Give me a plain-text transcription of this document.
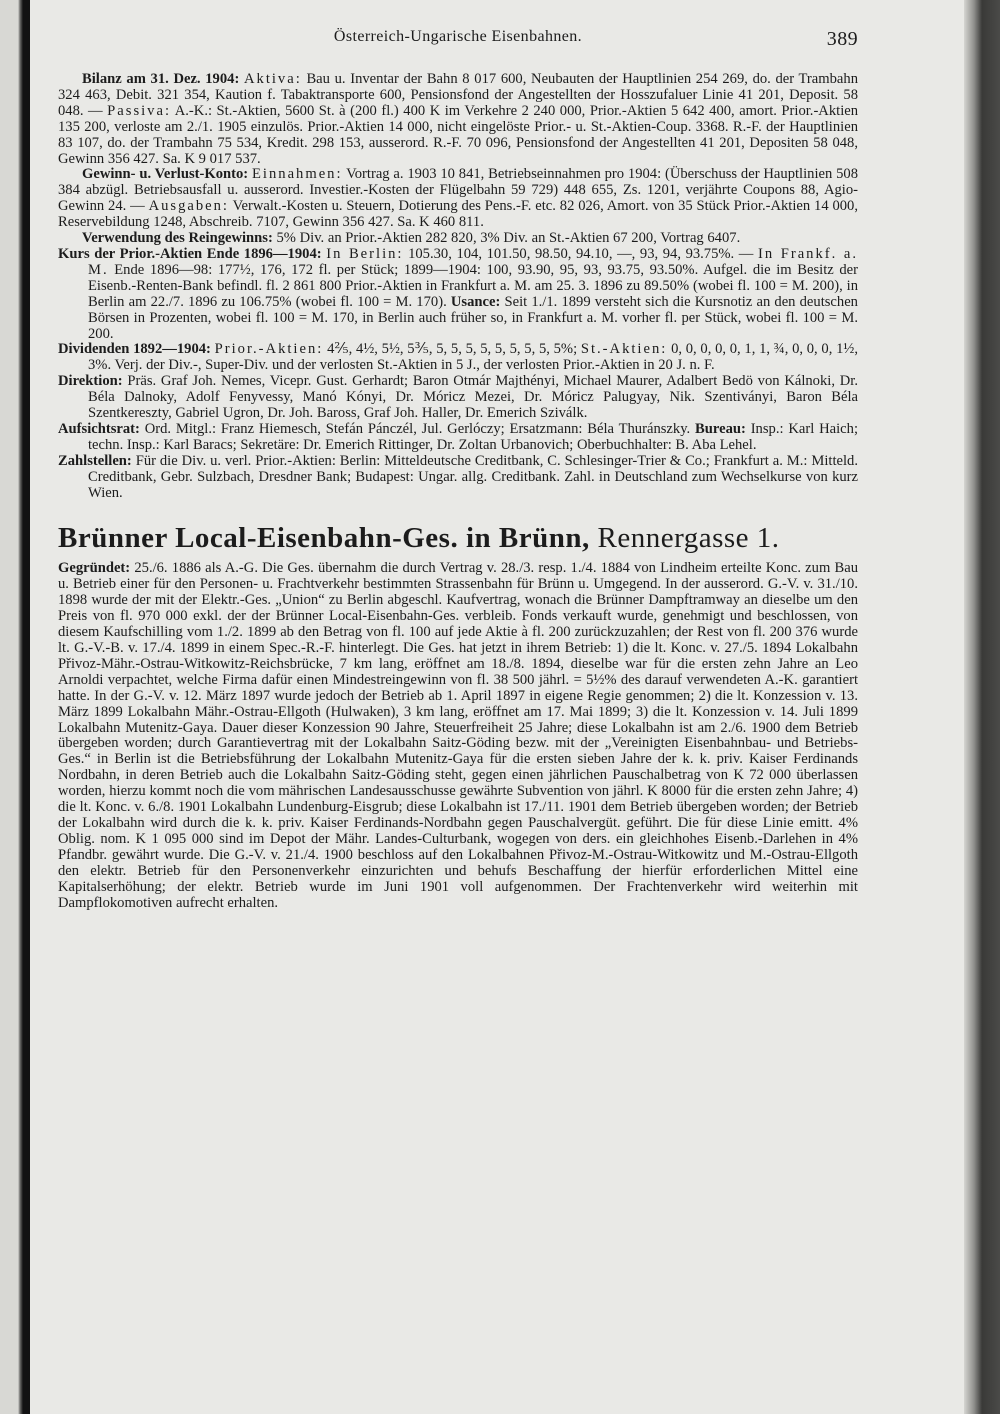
Österreich-Ungarische Eisenbahnen.	389

Bilanz am 31. Dez. 1904: Aktiva: Bau u. Inventar der Bahn 8 017 600, Neubauten der Hauptlinien 254 269, do. der Trambahn 324 463, Debit. 321 354, Kaution f. Tabaktransporte 600, Pensionsfond der Angestellten der Hosszufaluer Linie 41 201, Deposit. 58 048. — Passiva: A.-K.: St.-Aktien, 5600 St. à (200 fl.) 400 K im Verkehre 2 240 000, Prior.-Aktien 5 642 400, amort. Prior.-Aktien 135 200, verloste am 2./1. 1905 einzulös. Prior.-Aktien 14 000, nicht eingelöste Prior.- u. St.-Aktien-Coup. 3368. R.-F. der Hauptlinien 83 107, do. der Trambahn 75 534, Kredit. 298 153, ausserord. R.-F. 70 096, Pensionsfond der Angestellten 41 201, Depositen 58 048, Gewinn 356 427. Sa. K 9 017 537.

Gewinn- u. Verlust-Konto: Einnahmen: Vortrag a. 1903 10 841, Betriebseinnahmen pro 1904: (Überschuss der Hauptlinien 508 384 abzügl. Betriebsausfall u. ausserord. Investier.-Kosten der Flügelbahn 59 729) 448 655, Zs. 1201, verjährte Coupons 88, Agio-Gewinn 24. — Ausgaben: Verwalt.-Kosten u. Steuern, Dotierung des Pens.-F. etc. 82 026, Amort. von 35 Stück Prior.-Aktien 14 000, Reservebildung 1248, Abschreib. 7107, Gewinn 356 427. Sa. K 460 811.

Verwendung des Reingewinns: 5% Div. an Prior.-Aktien 282 820, 3% Div. an St.-Aktien 67 200, Vortrag 6407.

Kurs der Prior.-Aktien Ende 1896—1904: In Berlin: 105.30, 104, 101.50, 98.50, 94.10, —, 93, 94, 93.75%. — In Frankf. a. M. Ende 1896—98: 177½, 176, 172 fl. per Stück; 1899—1904: 100, 93.90, 95, 93, 93.75, 93.50%. Aufgel. die im Besitz der Eisenb.-Renten-Bank befindl. fl. 2 861 800 Prior.-Aktien in Frankfurt a. M. am 25. 3. 1896 zu 89.50% (wobei fl. 100 = M. 200), in Berlin am 22./7. 1896 zu 106.75% (wobei fl. 100 = M. 170). Usance: Seit 1./1. 1899 versteht sich die Kursnotiz an den deutschen Börsen in Prozenten, wobei fl. 100 = M. 170, in Berlin auch früher so, in Frankfurt a. M. vorher fl. per Stück, wobei fl. 100 = M. 200.

Dividenden 1892—1904: Prior.-Aktien: 4⅖, 4½, 5½, 5⅗, 5, 5, 5, 5, 5, 5, 5, 5, 5%; St.-Aktien: 0, 0, 0, 0, 0, 1, 1, ¾, 0, 0, 0, 1½, 3%. Verj. der Div.-, Super-Div. und der verlosten St.-Aktien in 5 J., der verlosten Prior.-Aktien in 20 J. n. F.

Direktion: Präs. Graf Joh. Nemes, Vicepr. Gust. Gerhardt; Baron Otmár Majthényi, Michael Maurer, Adalbert Bedö von Kálnoki, Dr. Béla Dalnoky, Adolf Fenyvessy, Manó Kónyi, Dr. Móricz Mezei, Dr. Móricz Palugyay, Nik. Szentiványi, Baron Béla Szentkereszty, Gabriel Ugron, Dr. Joh. Baross, Graf Joh. Haller, Dr. Emerich Sziválk.

Aufsichtsrat: Ord. Mitgl.: Franz Hiemesch, Stefán Pánczél, Jul. Gerlóczy; Ersatzmann: Béla Thuránszky. Bureau: Insp.: Karl Haich; techn. Insp.: Karl Baracs; Sekretäre: Dr. Emerich Rittinger, Dr. Zoltan Urbanovich; Oberbuchhalter: B. Aba Lehel.

Zahlstellen: Für die Div. u. verl. Prior.-Aktien: Berlin: Mitteldeutsche Creditbank, C. Schlesinger-Trier & Co.; Frankfurt a. M.: Mitteld. Creditbank, Gebr. Sulzbach, Dresdner Bank; Budapest: Ungar. allg. Creditbank. Zahl. in Deutschland zum Wechselkurse von kurz Wien.

Brünner Local-Eisenbahn-Ges. in Brünn, Rennergasse 1.

Gegründet: 25./6. 1886 als A.-G. Die Ges. übernahm die durch Vertrag v. 28./3. resp. 1./4. 1884 von Lindheim erteilte Konc. zum Bau u. Betrieb einer für den Personen- u. Frachtverkehr bestimmten Strassenbahn für Brünn u. Umgegend. In der ausserord. G.-V. v. 31./10. 1898 wurde der mit der Elektr.-Ges. „Union“ zu Berlin abgeschl. Kaufvertrag, wonach die Brünner Dampftramway an dieselbe um den Preis von fl. 970 000 exkl. der der Brünner Local-Eisenbahn-Ges. verbleib. Fonds verkauft wurde, genehmigt und beschlossen, von diesem Kaufschilling vom 1./2. 1899 ab den Betrag von fl. 100 auf jede Aktie à fl. 200 zurückzuzahlen; der Rest von fl. 200 376 wurde lt. G.-V.-B. v. 17./4. 1899 in einem Spec.-R.-F. hinterlegt. Die Ges. hat jetzt in ihrem Betrieb: 1) die lt. Konc. v. 27./5. 1894 Lokalbahn Přivoz-Mähr.-Ostrau-Witkowitz-Reichsbrücke, 7 km lang, eröffnet am 18./8. 1894, dieselbe war für die ersten zehn Jahre an Leo Arnoldi verpachtet, welche Firma dafür einen Mindestreingewinn von fl. 38 500 jährl. = 5½% des darauf verwendeten A.-K. garantiert hatte. In der G.-V. v. 12. März 1897 wurde jedoch der Betrieb ab 1. April 1897 in eigene Regie genommen; 2) die lt. Konzession v. 13. März 1899 Lokalbahn Mähr.-Ostrau-Ellgoth (Hulwaken), 3 km lang, eröffnet am 17. Mai 1899; 3) die lt. Konzession v. 14. Juli 1899 Lokalbahn Mutenitz-Gaya. Dauer dieser Konzession 90 Jahre, Steuerfreiheit 25 Jahre; diese Lokalbahn ist am 2./6. 1900 dem Betrieb übergeben worden; durch Garantievertrag mit der Lokalbahn Saitz-Göding bezw. mit der „Vereinigten Eisenbahnbau- und Betriebs-Ges.“ in Berlin ist die Betriebsführung der Lokalbahn Mutenitz-Gaya für die ersten sieben Jahre der k. k. priv. Kaiser Ferdinands Nordbahn, in deren Betrieb auch die Lokalbahn Saitz-Göding steht, gegen einen jährlichen Pauschalbetrag von K 72 000 überlassen worden, hierzu kommt noch die vom mährischen Landesausschusse gewährte Subvention von jährl. K 8000 für die ersten zehn Jahre; 4) die lt. Konc. v. 6./8. 1901 Lokalbahn Lundenburg-Eisgrub; diese Lokalbahn ist 17./11. 1901 dem Betrieb übergeben worden; der Betrieb der Lokalbahn wird durch die k. k. priv. Kaiser Ferdinands-Nordbahn gegen Pauschalvergüt. geführt. Die für diese Linie emitt. 4% Oblig. nom. K 1 095 000 sind im Depot der Mähr. Landes-Culturbank, wogegen von ders. ein gleichhohes Eisenb.-Darlehen in 4% Pfandbr. gewährt wurde. Die G.-V. v. 21./4. 1900 beschloss auf den Lokalbahnen Přivoz-M.-Ostrau-Witkowitz und M.-Ostrau-Ellgoth den elektr. Betrieb für den Personenverkehr einzurichten und behufs Beschaffung der hierfür erforderlichen Mittel eine Kapitalserhöhung; der elektr. Betrieb wurde im Juni 1901 voll aufgenommen. Der Frachtenverkehr wird weiterhin mit Dampflokomotiven aufrecht erhalten.
